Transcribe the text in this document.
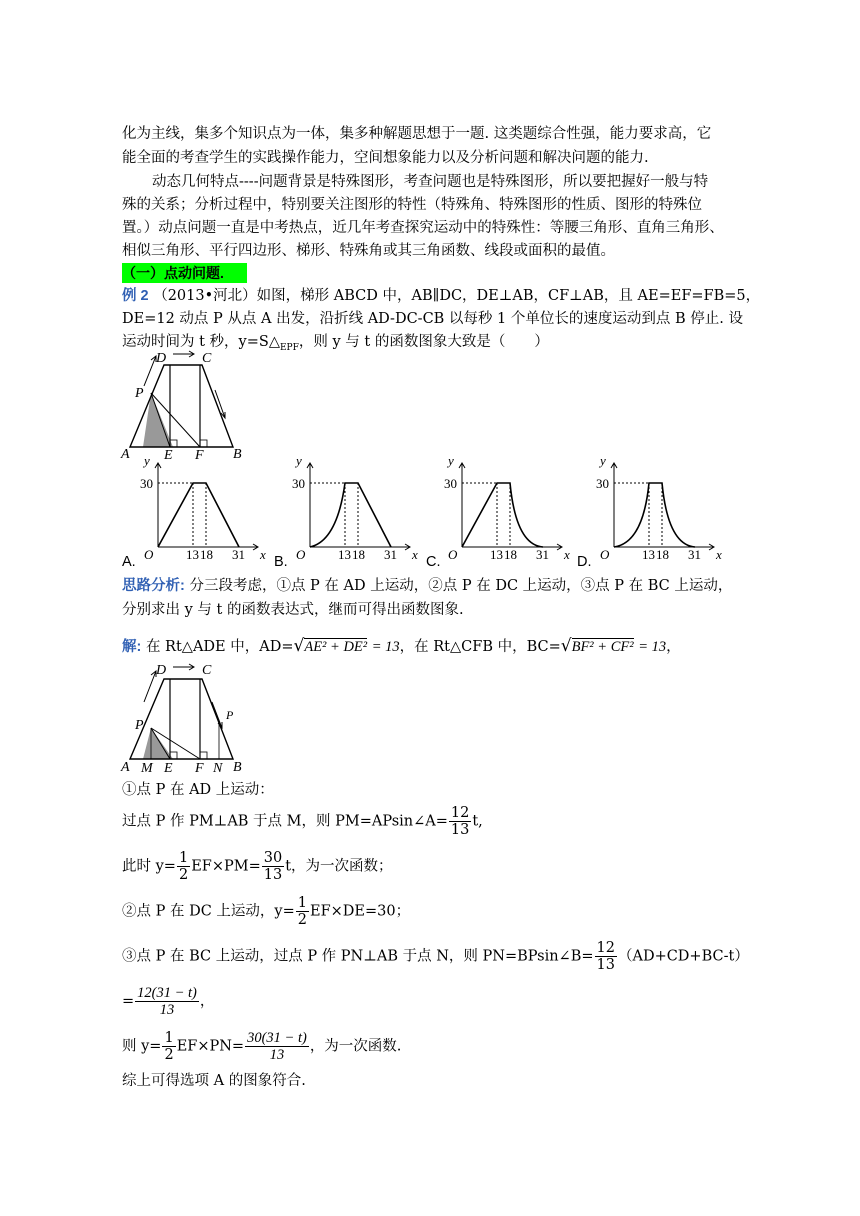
化为主线，集多个知识点为一体，集多种解题思想于一题. 这类题综合性强，能力要求高，它
能全面的考查学生的实践操作能力，空间想象能力以及分析问题和解决问题的能力.
动态几何特点----问题背景是特殊图形，考查问题也是特殊图形，所以要把握好一般与特
殊的关系；分析过程中，特别要关注图形的特性（特殊角、特殊图形的性质、图形的特殊位
置。）动点问题一直是中考热点，近几年考查探究运动中的特殊性：等腰三角形、直角三角形、
相似三角形、平行四边形、梯形、特殊角或其三角函数、线段或面积的最值。
（一）点动问题.
例 2 （2013•河北）如图，梯形 ABCD 中，AB∥DC，DE⊥AB，CF⊥AB，且 AE=EF=FB=5，
DE=12 动点 P 从点 A 出发，沿折线 AD-DC-CB 以每秒 1 个单位长的速度运动到点 B 停止. 设
运动时间为 t 秒，$y=S\triangle_{EPF}$，则 y 与 t 的函数图象大致是（　　）
D	C
P
A E F B
y
x
O
30
13 18 31
y
x
O
30
13 18 31
y
x
O
30
13 18 31
y
x
O
30
13 18 31
A.	B.	C.	D.
思路分析: 分三段考虑，①点 P 在 AD 上运动，②点 P 在 DC 上运动，③点 P 在 BC 上运动，
分别求出 y 与 t 的函数表达式，继而可得出函数图象.
解: 在 Rt△ADE 中，AD=√AE² + DE² = 13，在 Rt△CFB 中，BC=√BF² + CF² = 13，
D	C
P
P
A M E F N B
①点 P 在 AD 上运动：
过点 P 作 PM⊥AB 于点 M，则 PM=APsin∠A= $\frac{12}{13} t$,
此时 $y= \frac{1}{2} EF\times PM= \frac{30}{13}$ t，为一次函数；
②点 P 在 DC 上运动，$y= \frac{1}{2} EF\times DE=30$；
③点 P 在 BC 上运动，过点 P 作 PN⊥AB 于点 N，则 PN=BPsin∠B= $\frac{12}{13} (AD+CD+BC-t)$
= $\frac{12(31 - t)}{13}$ ，
则 $y= \frac{1}{2} EF\times PN= \frac{30(31 - t)}{13}$ ，为一次函数.
综上可得选项 A 的图象符合.
